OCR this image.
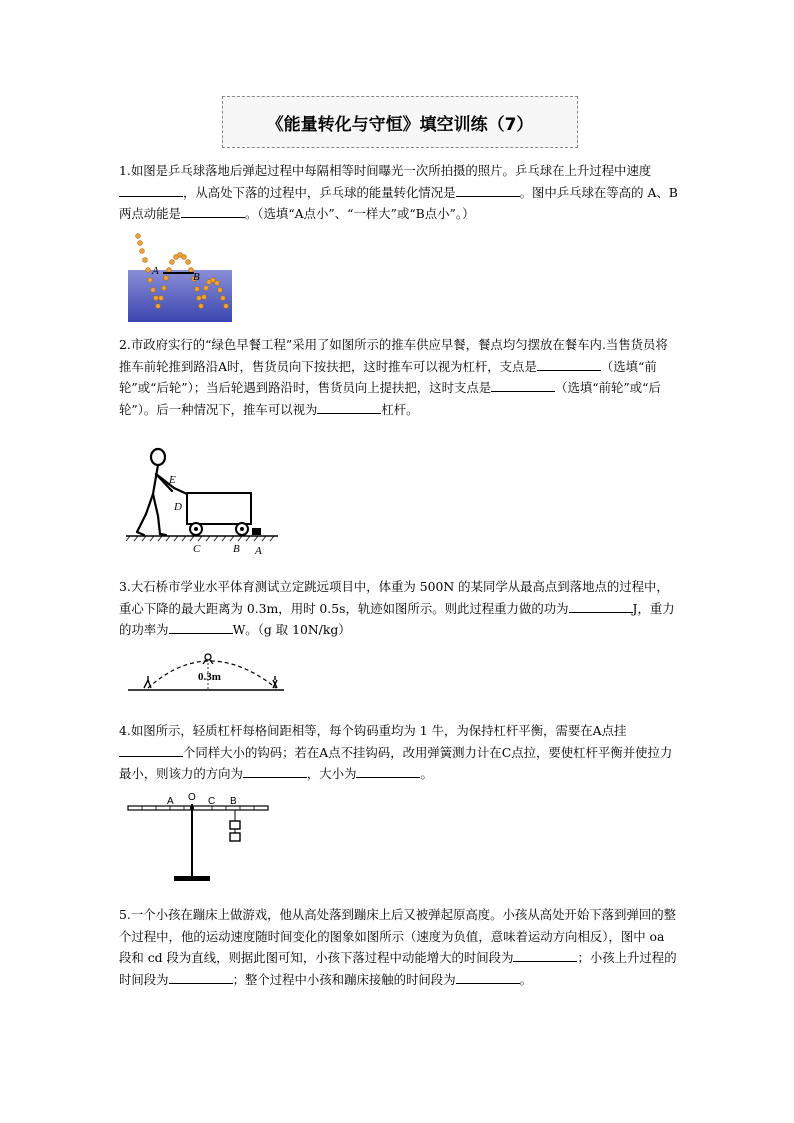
《能量转化与守恒》填空训练（7）
1.如图是乒乓球落地后弹起过程中每隔相等时间曝光一次所拍摄的照片。乒乓球在上升过程中速度，从高处下落的过程中，乒乓球的能量转化情况是	。图中乒乓球在等高的 A、B 两点动能是	。（选填“A点小”、“一样大”或“B点小”。）
A	B
2.市政府实行的“绿色早餐工程”采用了如图所示的推车供应早餐，餐点均匀摆放在餐车内.当售货员将推车前轮推到路沿A时，售货员向下按扶把，这时推车可以视为杠杆，支点是	（选填“前轮”或“后轮”）；当后轮遇到路沿时，售货员向上提扶把，这时支点是	（选填“前轮”或“后轮”）。后一种情况下，推车可以视为	杠杆。
E
D
C	B A
3.大石桥市学业水平体育测试立定跳远项目中，体重为 500N 的某同学从最高点到落地点的过程中，重心下降的最大距离为 0.3m，用时 0.5s，轨迹如图所示。则此过程重力做的功为	J，重力的功率为	W。（g 取 10N/kg）
0.3m
4.如图所示，轻质杠杆每格间距相等，每个钩码重均为 1 牛，为保持杠杆平衡，需要在A点挂个同样大小的钩码；若在A点不挂钩码，改用弹簧测力计在C点拉，要使杠杆平衡并使拉力最小，则该力的方向为	，大小为	。
O
A	C B
5.一个小孩在蹦床上做游戏，他从高处落到蹦床上后又被弹起原高度。小孩从高处开始下落到弹回的整个过程中，他的运动速度随时间变化的图象如图所示（速度为负值，意味着运动方向相反），图中 oa 段和 cd 段为直线，则据此图可知，小孩下落过程中动能增大的时间段为	；小孩上升过程的时间段为	；整个过程中小孩和蹦床接触的时间段为	。
